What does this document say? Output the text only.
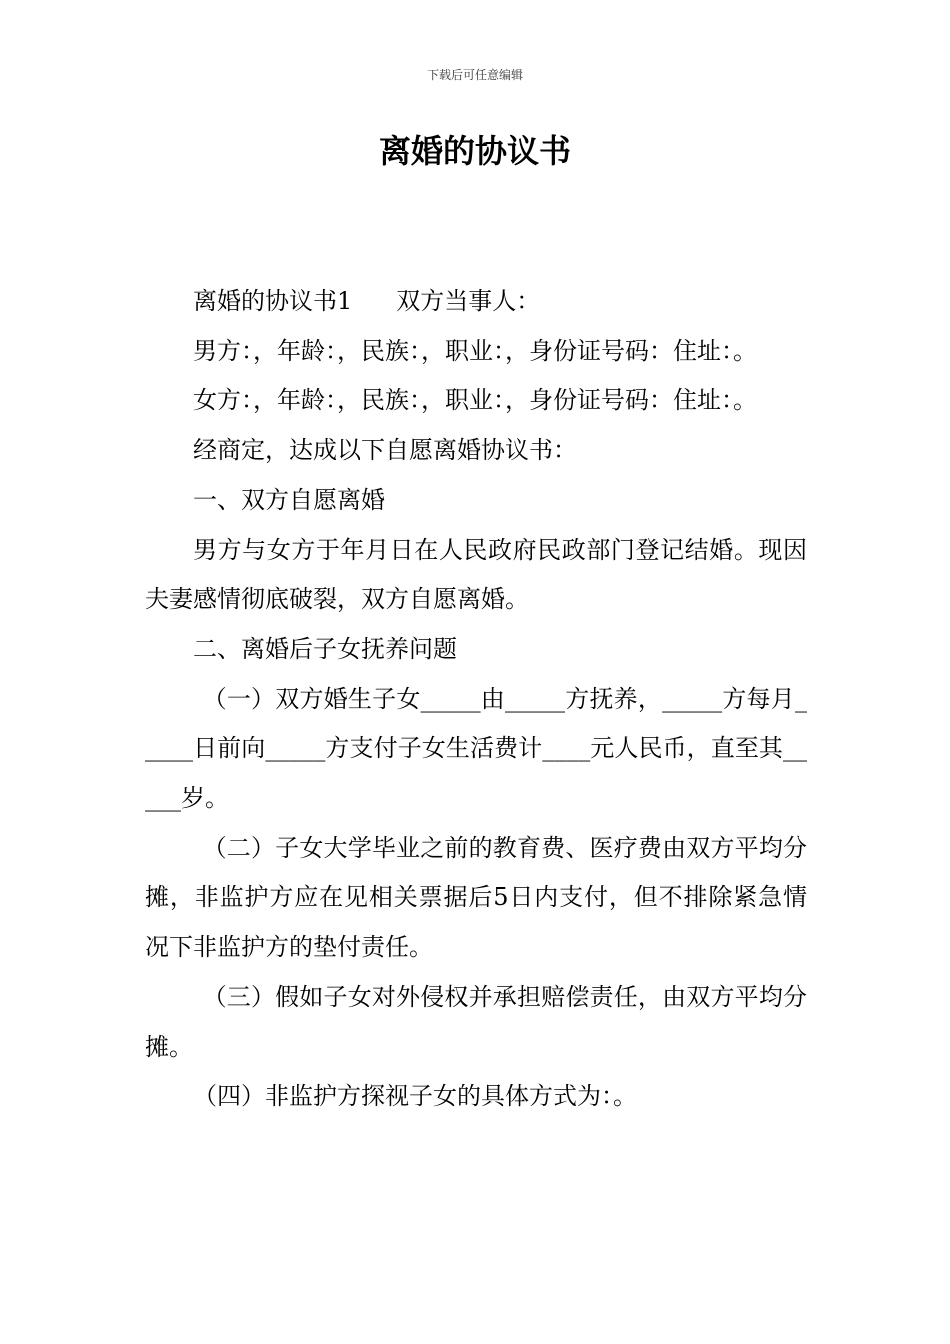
下载后可任意编辑
离婚的协议书

离婚的协议书1 双方当事人：

男方：，年龄：，民族：，职业：，身份证号码：住址：。

女方：，年龄：，民族：，职业：，身份证号码：住址：。

经商定，达成以下自愿离婚协议书：

一、双方自愿离婚

男方与女方于年月日在人民政府民政部门登记结婚。现因夫妻感情彻底破裂，双方自愿离婚。

二、离婚后子女抚养问题

（一）双方婚生子女_____由_____方抚养，_____方每月_____日前向_____方支付子女生活费计____元人民币，直至其_____岁。

（二）子女大学毕业之前的教育费、医疗费由双方平均分摊，非监护方应在见相关票据后5日内支付，但不排除紧急情况下非监护方的垫付责任。

（三）假如子女对外侵权并承担赔偿责任，由双方平均分摊。

（四）非监护方探视子女的具体方式为：。
